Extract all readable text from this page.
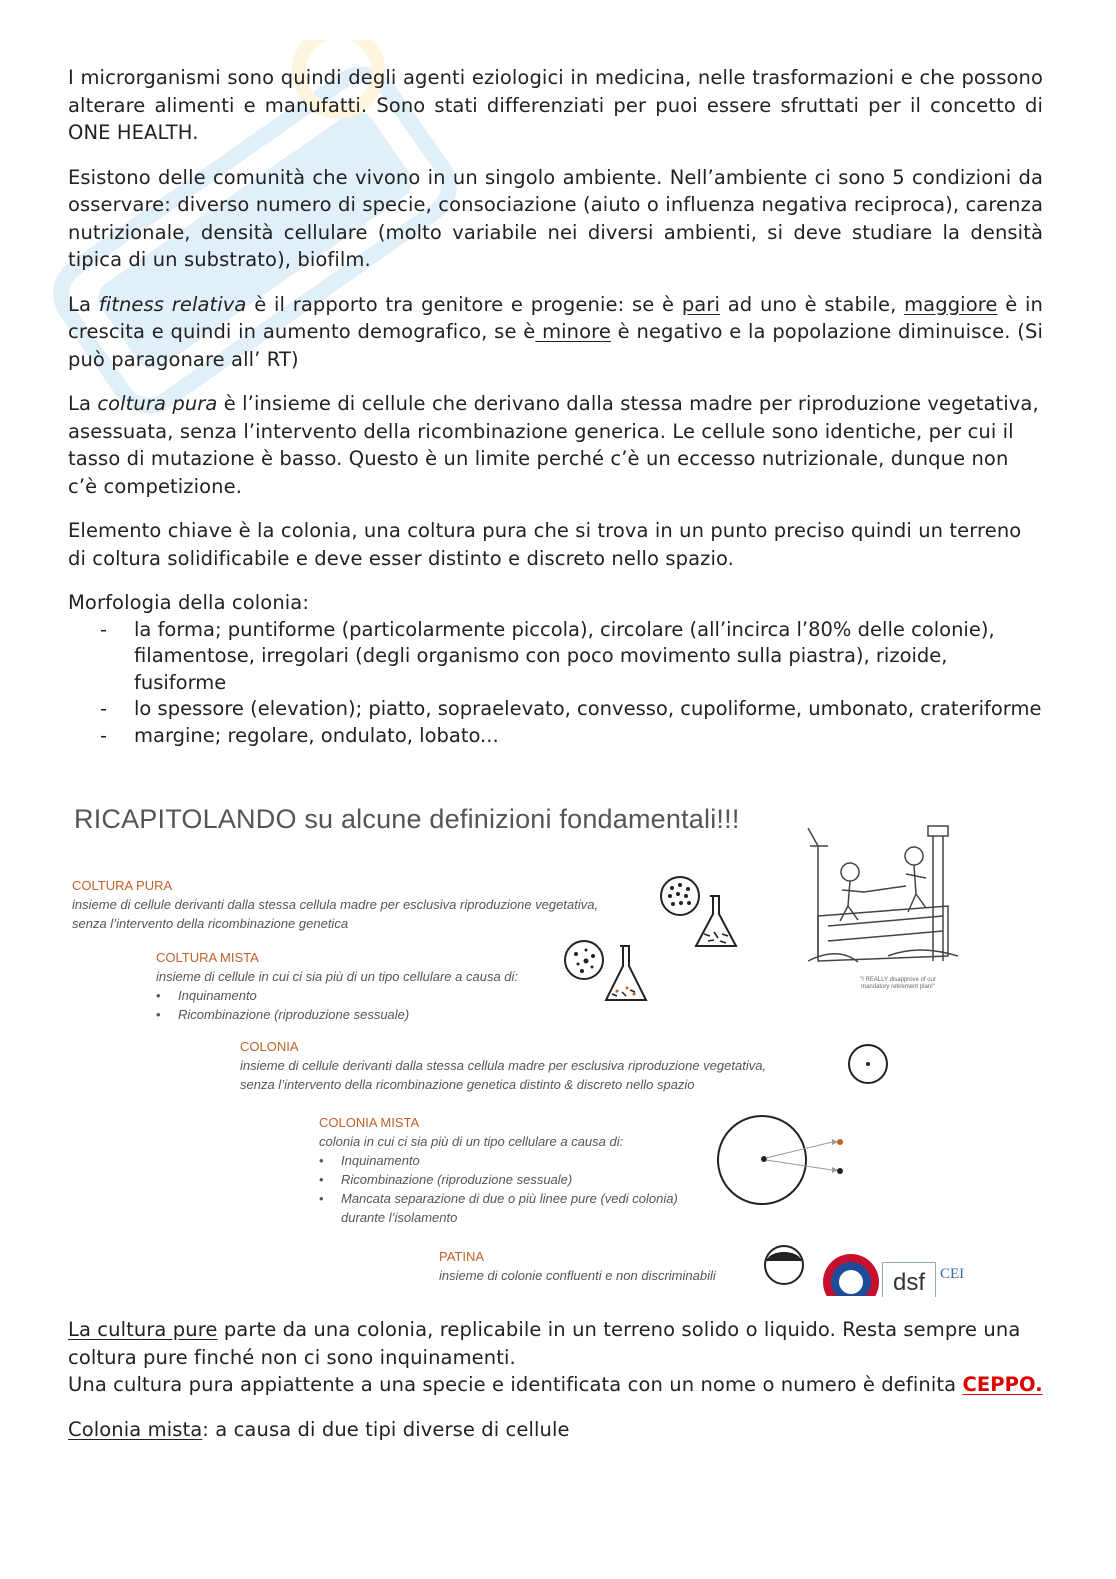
I microrganismi sono quindi degli agenti eziologici in medicina, nelle trasformazioni e che possono alterare alimenti e manufatti. Sono stati differenziati per puoi essere sfruttati per il concetto di ONE HEALTH.

Esistono delle comunità che vivono in un singolo ambiente. Nell’ambiente ci sono 5 condizioni da osservare: diverso numero di specie, consociazione (aiuto o influenza negativa reciproca), carenza nutrizionale, densità cellulare (molto variabile nei diversi ambienti, si deve studiare la densità tipica di un substrato), biofilm.

La fitness relativa è il rapporto tra genitore e progenie: se è pari ad uno è stabile, maggiore è in crescita e quindi in aumento demografico, se è minore è negativo e la popolazione diminuisce. (Si può paragonare all’ RT)

La coltura pura è l’insieme di cellule che derivano dalla stessa madre per riproduzione vegetativa, asessuata, senza l’intervento della ricombinazione generica. Le cellule sono identiche, per cui il tasso di mutazione è basso. Questo è un limite perché c’è un eccesso nutrizionale, dunque non c’è competizione.

Elemento chiave è la colonia, una coltura pura che si trova in un punto preciso quindi un terreno di coltura solidificabile e deve esser distinto e discreto nello spazio.

Morfologia della colonia:

- la forma; puntiforme (particolarmente piccola), circolare (all’incirca l’80% delle colonie), filamentose, irregolari (degli organismo con poco movimento sulla piastra), rizoide, fusiforme
- lo spessore (elevation); piatto, sopraelevato, convesso, cupoliforme, umbonato, crateriforme
- margine; regolare, ondulato, lobato...
RICAPITOLANDO su alcune definizioni fondamentali!!!
COLTURA PURA
insieme di cellule derivanti dalla stessa cellula madre per esclusiva riproduzione vegetativa,
senza l’intervento della ricombinazione genetica
COLTURA MISTA
insieme di cellule in cui ci sia più di un tipo cellulare a causa di:
• Inquinamento
• Ricombinazione (riproduzione sessuale)
COLONIA
insieme di cellule derivanti dalla stessa cellula madre per esclusiva riproduzione vegetativa,
senza l’intervento della ricombinazione genetica distinto & discreto nello spazio
COLONIA MISTA
colonia in cui ci sia più di un tipo cellulare a causa di:
• Inquinamento
• Ricombinazione (riproduzione sessuale)
• Mancata separazione di due o più linee pure (vedi colonia)
durante l’isolamento
PATINA
insieme di colonie confluenti e non discriminabili
"I REALLY disapprove of our mandatory retirement plan!"
dsf	CEI

La cultura pure parte da una colonia, replicabile in un terreno solido o liquido. Resta sempre una coltura pure finché non ci sono inquinamenti.

Una cultura pura appiattente a una specie e identificata con un nome o numero è definita CEPPO.

Colonia mista: a causa di due tipi diverse di cellule
